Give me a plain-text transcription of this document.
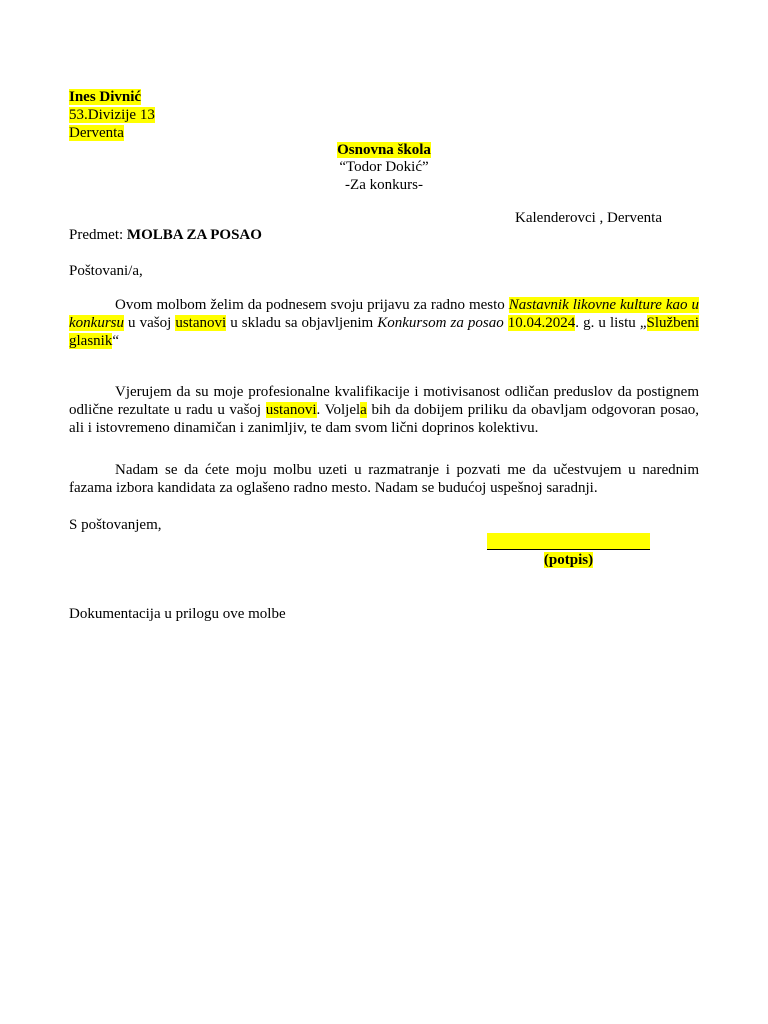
Ines Divnić
53.Divizije 13
Derventa
Osnovna škola
“Todor Dokić”
-Za konkurs-
Kalenderovci , Derventa
Predmet: MOLBA ZA POSAO
Poštovani/a,
Ovom molbom želim da podnesem svoju prijavu za radno mesto Nastavnik likovne kulture kao u konkursu u vašoj ustanovi u skladu sa objavljenim Konkursom za posao 10.04.2024. g. u listu „Službeni glasnik“
Vjerujem da su moje profesionalne kvalifikacije i motivisanost odličan preduslov da postignem odlične rezultate u radu u vašoj ustanovi. Voljela bih da dobijem priliku da obavljam odgovoran posao, ali i istovremeno dinamičan i zanimljiv, te dam svom lični doprinos kolektivu.
Nadam se da ćete moju molbu uzeti u razmatranje i pozvati me da učestvujem u narednim fazama izbora kandidata za oglašeno radno mesto. Nadam se budućoj uspešnoj saradnji.
S poštovanjem,
(potpis)
Dokumentacija u prilogu ove molbe
